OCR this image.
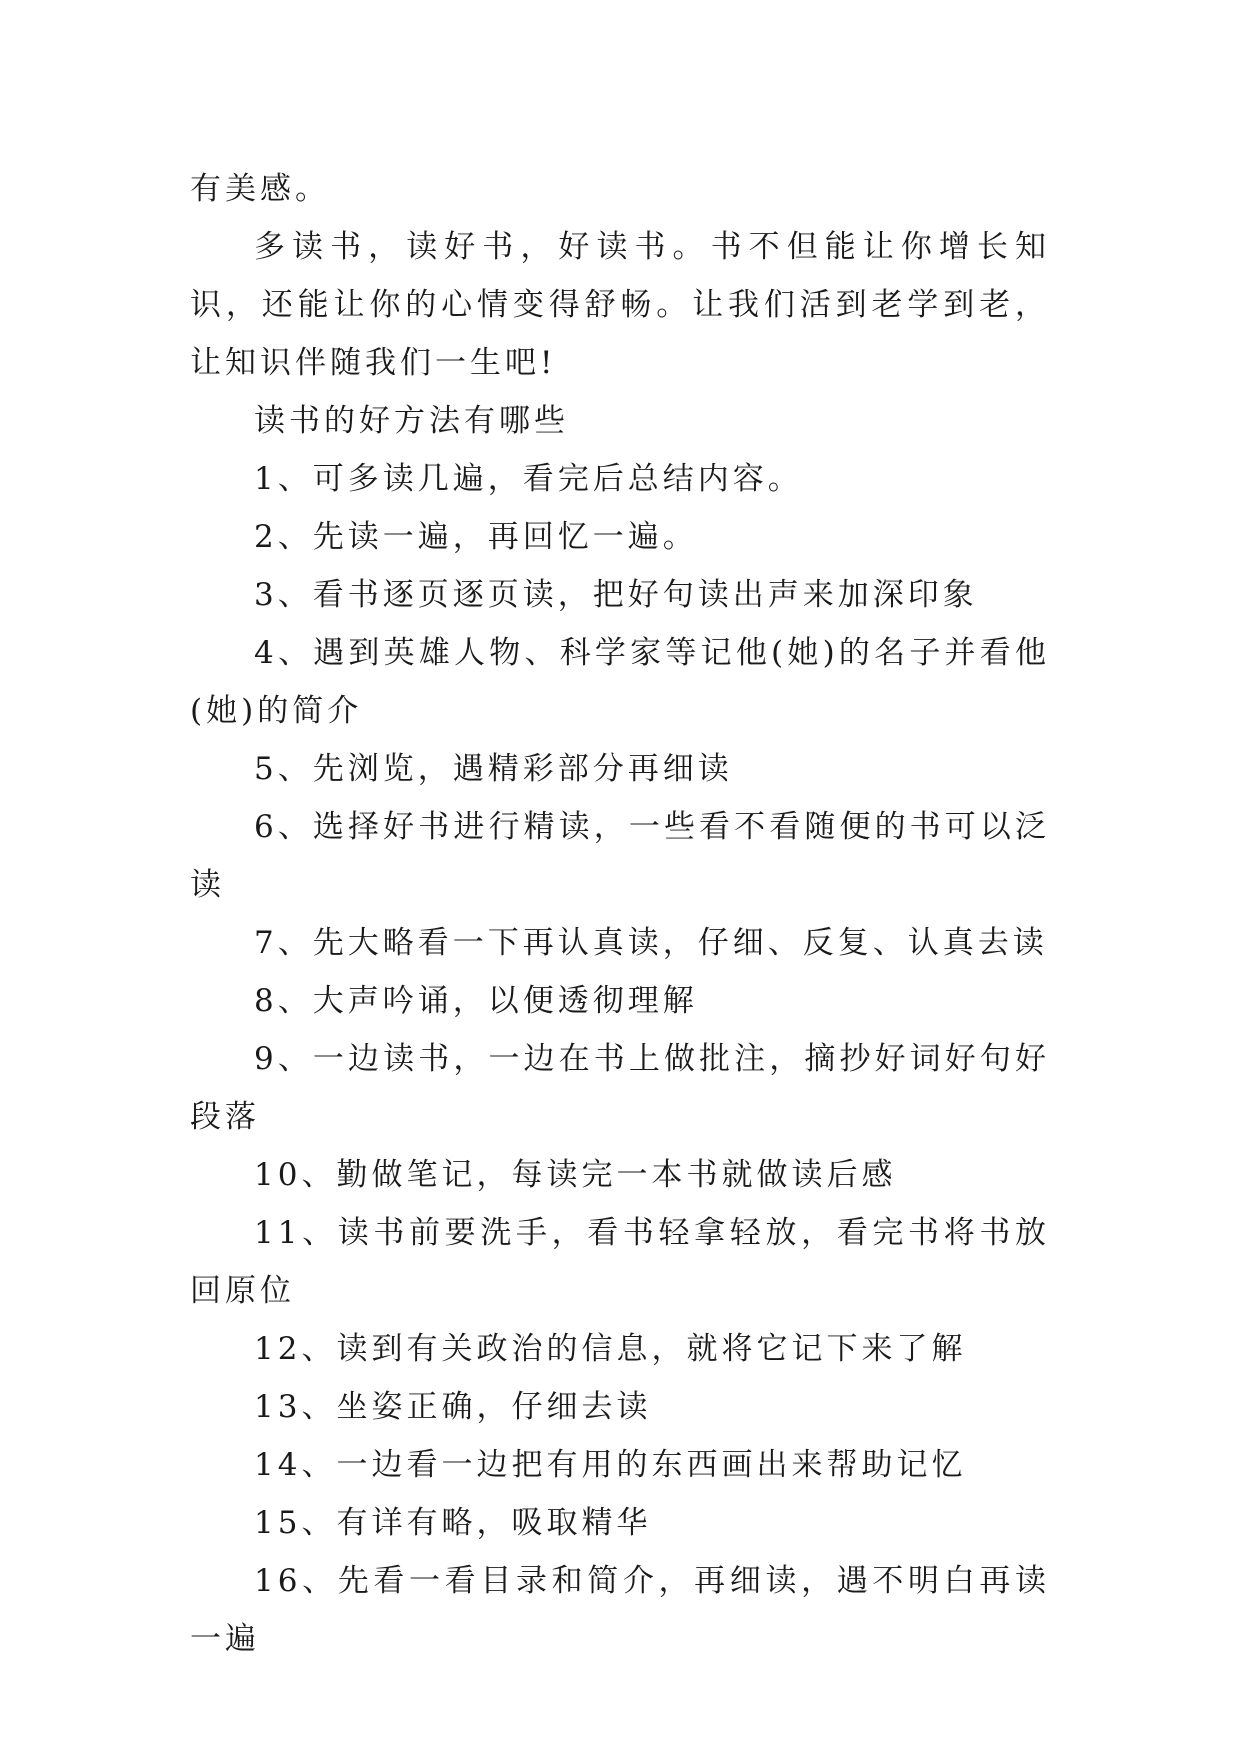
有美感。

多读书，读好书，好读书。书不但能让你增长知识，还能让你的心情变得舒畅。让我们活到老学到老，让知识伴随我们一生吧!

读书的好方法有哪些

1、可多读几遍，看完后总结内容。

2、先读一遍，再回忆一遍。

3、看书逐页逐页读，把好句读出声来加深印象

4、遇到英雄人物、科学家等记他(她)的名子并看他(她)的简介

5、先浏览，遇精彩部分再细读

6、选择好书进行精读，一些看不看随便的书可以泛读

7、先大略看一下再认真读，仔细、反复、认真去读

8、大声吟诵，以便透彻理解

9、一边读书，一边在书上做批注，摘抄好词好句好段落

10、勤做笔记，每读完一本书就做读后感

11、读书前要洗手，看书轻拿轻放，看完书将书放回原位

12、读到有关政治的信息，就将它记下来了解

13、坐姿正确，仔细去读

14、一边看一边把有用的东西画出来帮助记忆

15、有详有略，吸取精华

16、先看一看目录和简介，再细读，遇不明白再读一遍
